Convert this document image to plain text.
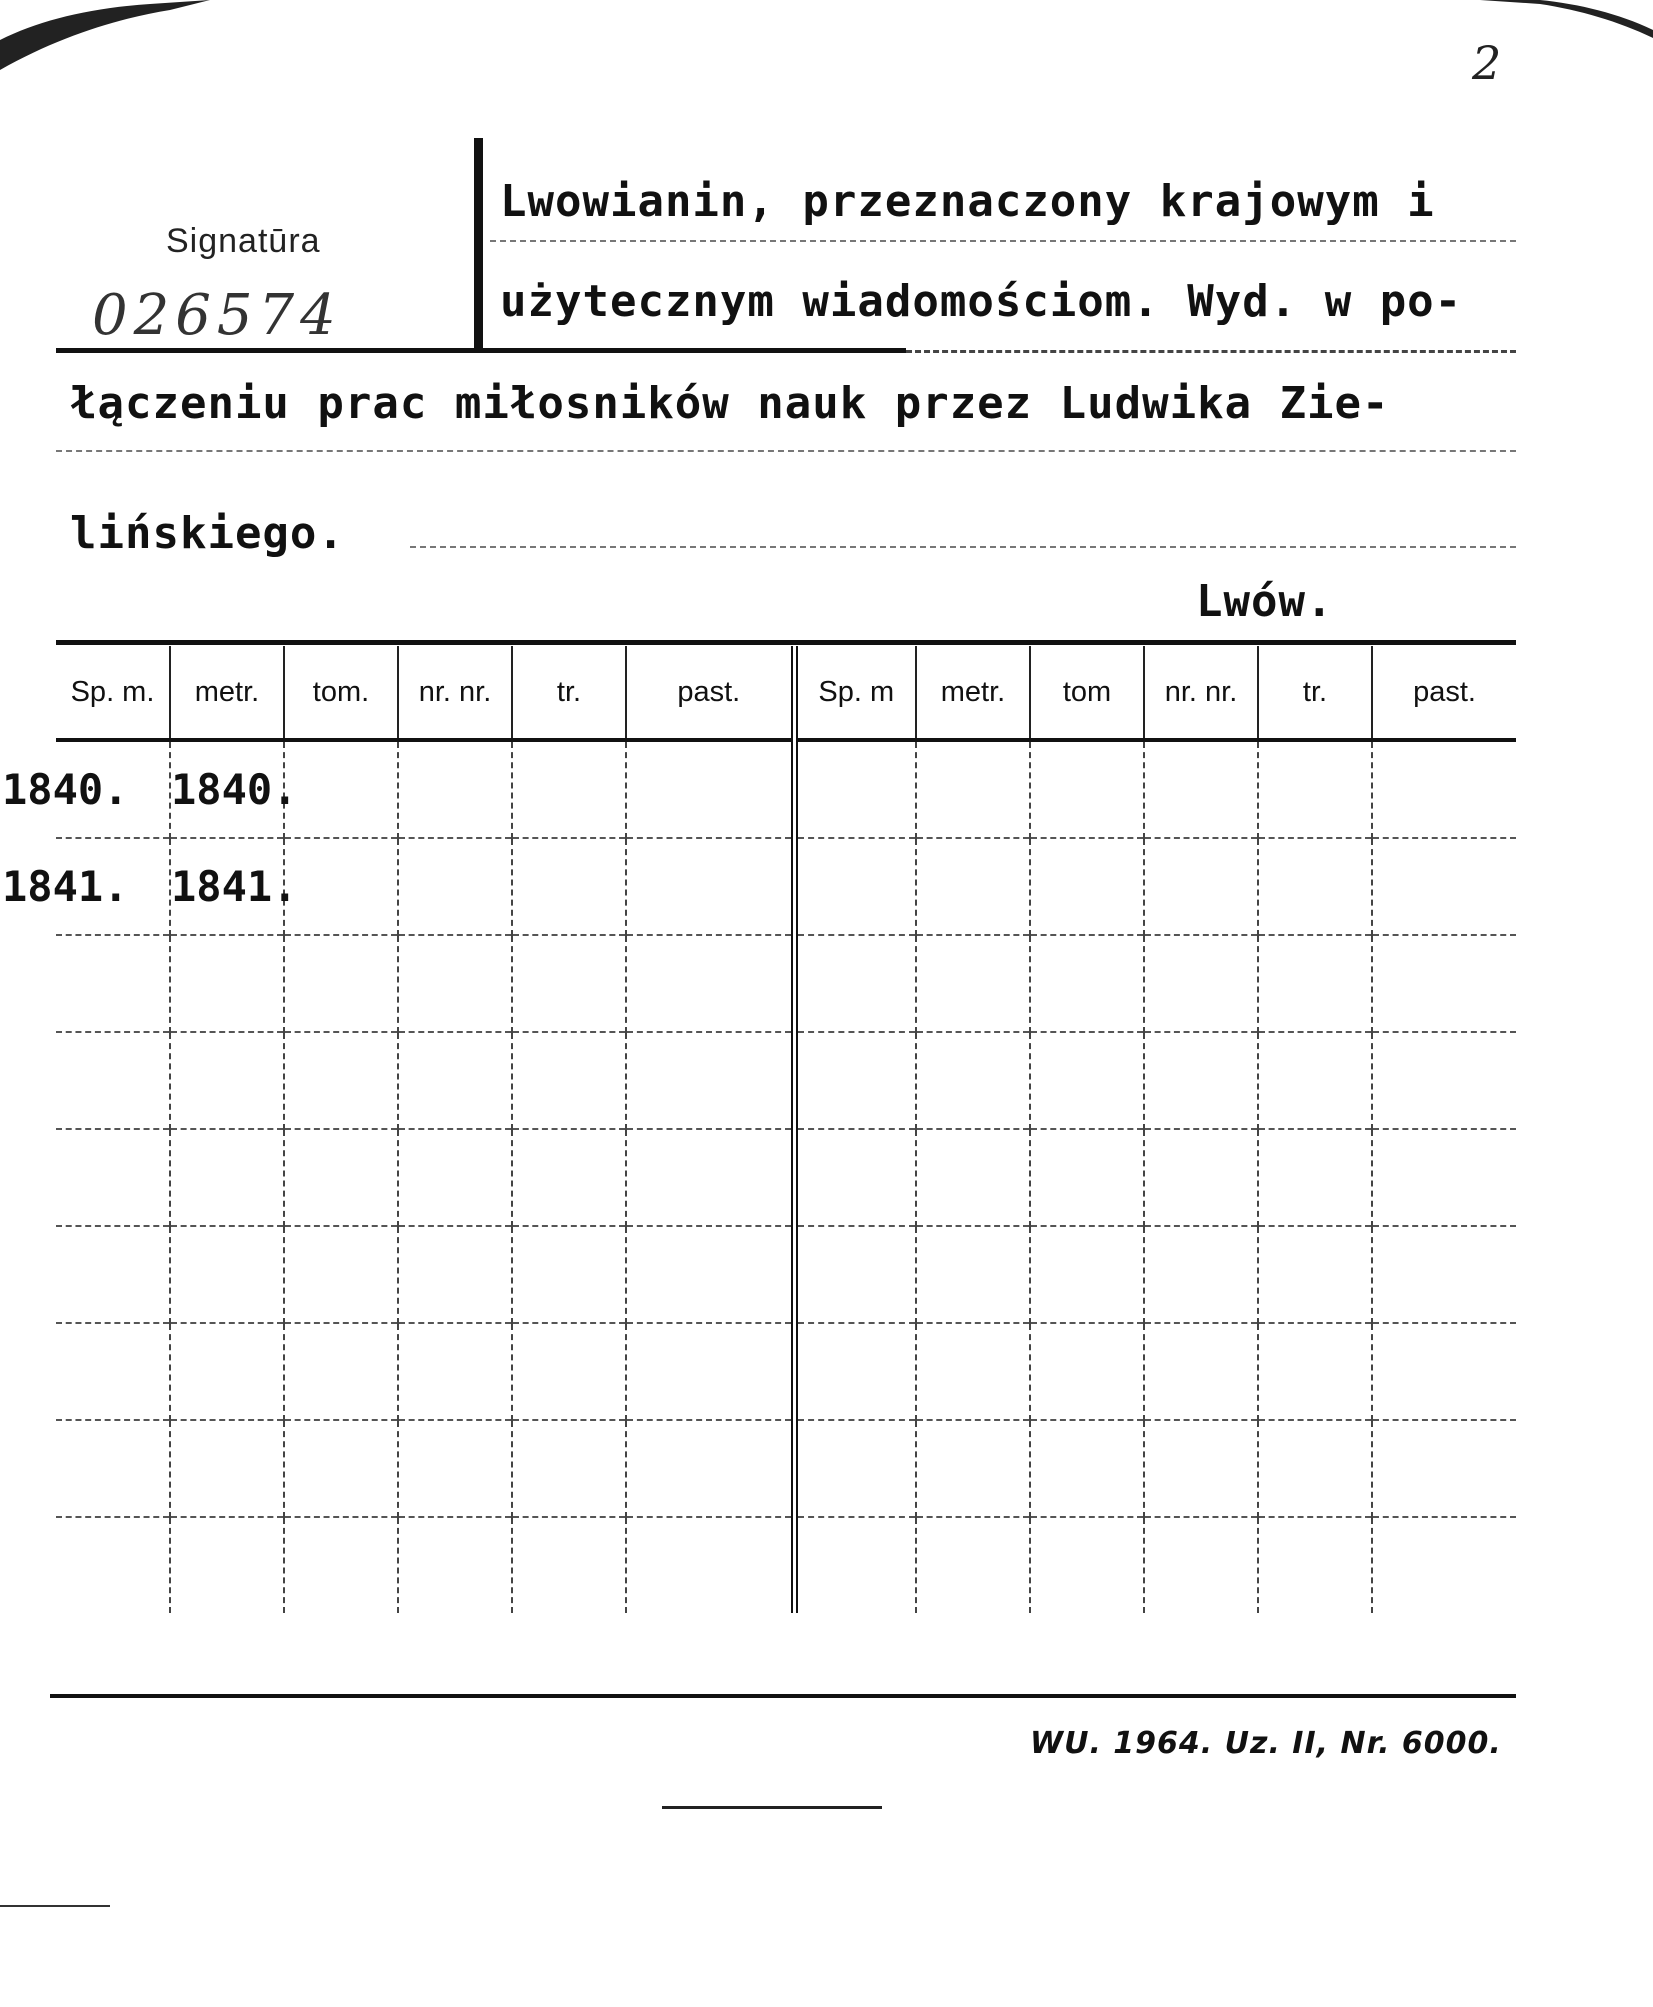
2
Signatūra
026574
Lwowianin, przeznaczony krajowym i
użytecznym wiadomościom. Wyd. w po-
łączeniu prac miłosników nauk przez Ludwika Zie-
lińskiego.
Lwów.
Sp. m.	metr.	tom.	nr. nr.	tr.	past.	Sp. m	metr.	tom	nr. nr.	tr.	past.
1840.	1840.										
1841.	1841.										

WU. 1964. Uz. II, Nr. 6000.
